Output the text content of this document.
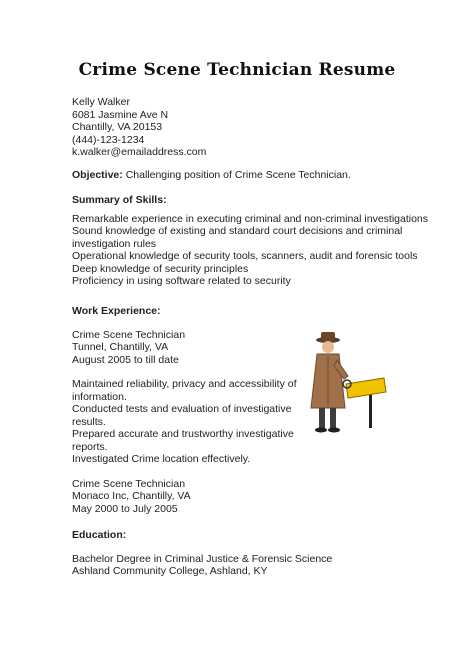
Crime Scene Technician Resume
Kelly Walker
6081 Jasmine Ave N
Chantilly, VA 20153
(444)-123-1234
k.walker@emailaddress.com
Objective: Challenging position of Crime Scene Technician.
Summary of Skills:
Remarkable experience in executing criminal and non-criminal investigations
Sound knowledge of existing and standard court decisions and criminal
investigation rules
Operational knowledge of security tools, scanners, audit and forensic tools
Deep knowledge of security principles
Proficiency in using software related to security
Work Experience:
Crime Scene Technician
Tunnel, Chantilly, VA
August 2005 to till date
Maintained reliability, privacy and accessibility of
information.
Conducted tests and evaluation of investigative
results.
Prepared accurate and trustworthy investigative
reports.
Investigated Crime location effectively.
Crime Scene Technician
Monaco Inc, Chantilly, VA
May 2000 to July 2005
Education:
Bachelor Degree in Criminal Justice & Forensic Science
Ashland Community College, Ashland, KY
